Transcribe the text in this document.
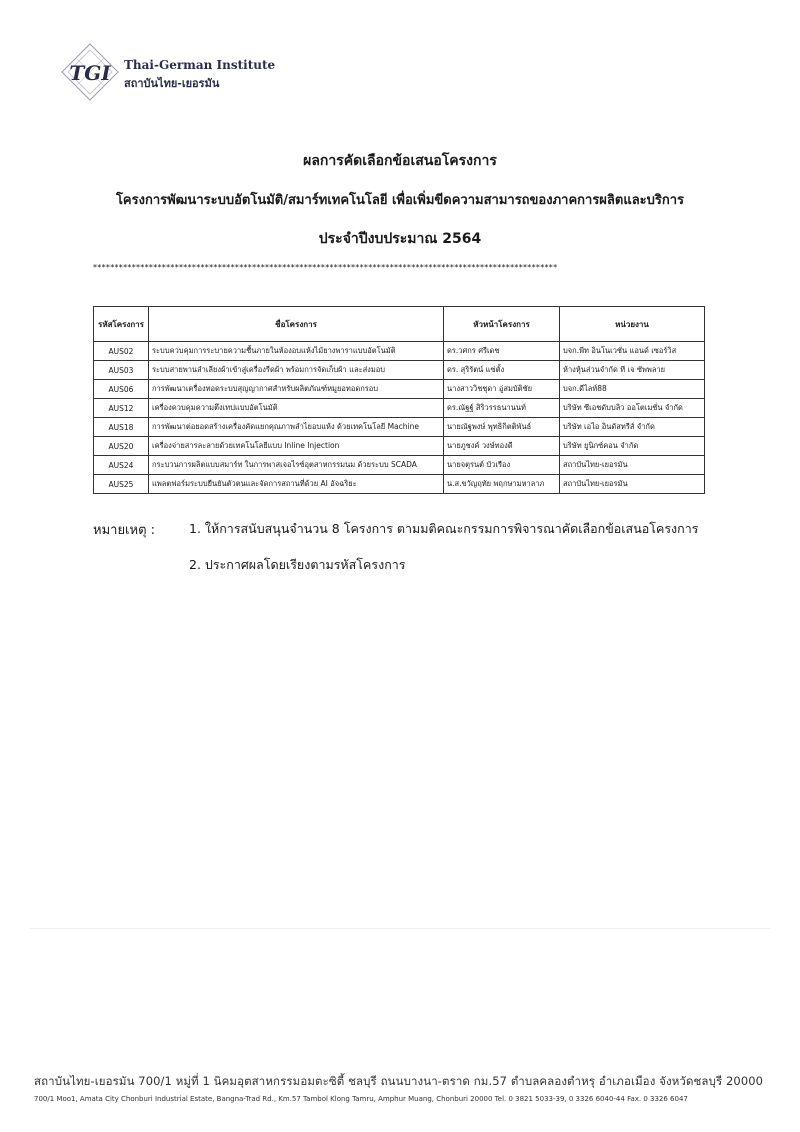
TGI Thai-German Institute
สถาบันไทย-เยอรมัน
ผลการคัดเลือกข้อเสนอโครงการ
โครงการพัฒนาระบบอัตโนมัติ/สมาร์ทเทคโนโลยี เพื่อเพิ่มขีดความสามารถของภาคการผลิตและบริการ
ประจำปีงบประมาณ 2564
************************************************************************************************************
รหัสโครงการ	ชื่อโครงการ	หัวหน้าโครงการ	หน่วยงาน
AUS02	ระบบควบคุมการระบายความชื้นภายในห้องอบแห้งไม้ยางพาราแบบอัตโนมัติ	ดร.วศกร ศรีเดช	บจก.พีท อินโนเวชั่น แอนด์ เซอร์วิส
AUS03	ระบบสายพานลำเลียงผ้าเข้าสู่เครื่องรีดผ้า พร้อมการจัดเก็บผ้า และส่งมอบ	ดร. สุริรัตน์ แซ่ตั้ง	ห้างหุ้นส่วนจำกัด ที เจ ซัพพลาย
AUS06	การพัฒนาเครื่องทอดระบบสุญญากาศสำหรับผลิตภัณฑ์หมูยอทอดกรอบ	นางสาววิชชุดา อู่สมบัติชัย	บจก.ดีไลท์88
AUS12	เครื่องควบคุมความตึงเทปแบบอัตโนมัติ	ดร.ณัฐฐ์ สิริวรรธนานนท์	บริษัท ซีเอชดับบลิว ออโตเมชั่น จำกัด
AUS18	การพัฒนาต่อยอดสร้างเครื่องคัดแยกคุณภาพลำไยอบแห้ง ด้วยเทคโนโลยี Machine	นายณัฐพงษ์ พุทธิกิตติพันธ์	บริษัท เอไอ อินดัสทรีส์ จำกัด
AUS20	เครื่องจ่ายสารละลายด้วยเทคโนโลยีแบบ Inline Injection	นายภูชงค์ วงษ์ทองดี	บริษัท ยูนิกซ์คอน จำกัด
AUS24	กระบวนการผลิตแบบสมาร์ท ในการพาสเจอไรซ์อุตสาหกรรมนม ด้วยระบบ SCADA	นายจตุรนต์ บัวเรือง	สถาบันไทย-เยอรมัน
AUS25	แพลตฟอร์มระบบยืนยันตัวตนและจัดการสถานที่ด้วย AI อัจฉริยะ	น.ส.ขวัญฤทัย พฤกษามหาลาภ	สถาบันไทย-เยอรมัน
หมายเหตุ :	1. ให้การสนับสนุนจำนวน 8 โครงการ ตามมติคณะกรรมการพิจารณาคัดเลือกข้อเสนอโครงการ
2. ประกาศผลโดยเรียงตามรหัสโครงการ
สถาบันไทย-เยอรมัน 700/1 หมู่ที่ 1 นิคมอุตสาหกรรมอมตะซิตี้ ชลบุรี ถนนบางนา-ตราด กม.57 ตำบลคลองตำหรุ อำเภอเมือง จังหวัดชลบุรี 20000
700/1 Moo1, Amata City Chonburi Industrial Estate, Bangna-Trad Rd., Km.57 Tambol Klong Tamru, Amphur Muang, Chonburi 20000 Tel. 0 3821 5033-39, 0 3326 6040-44 Fax. 0 3326 6047
